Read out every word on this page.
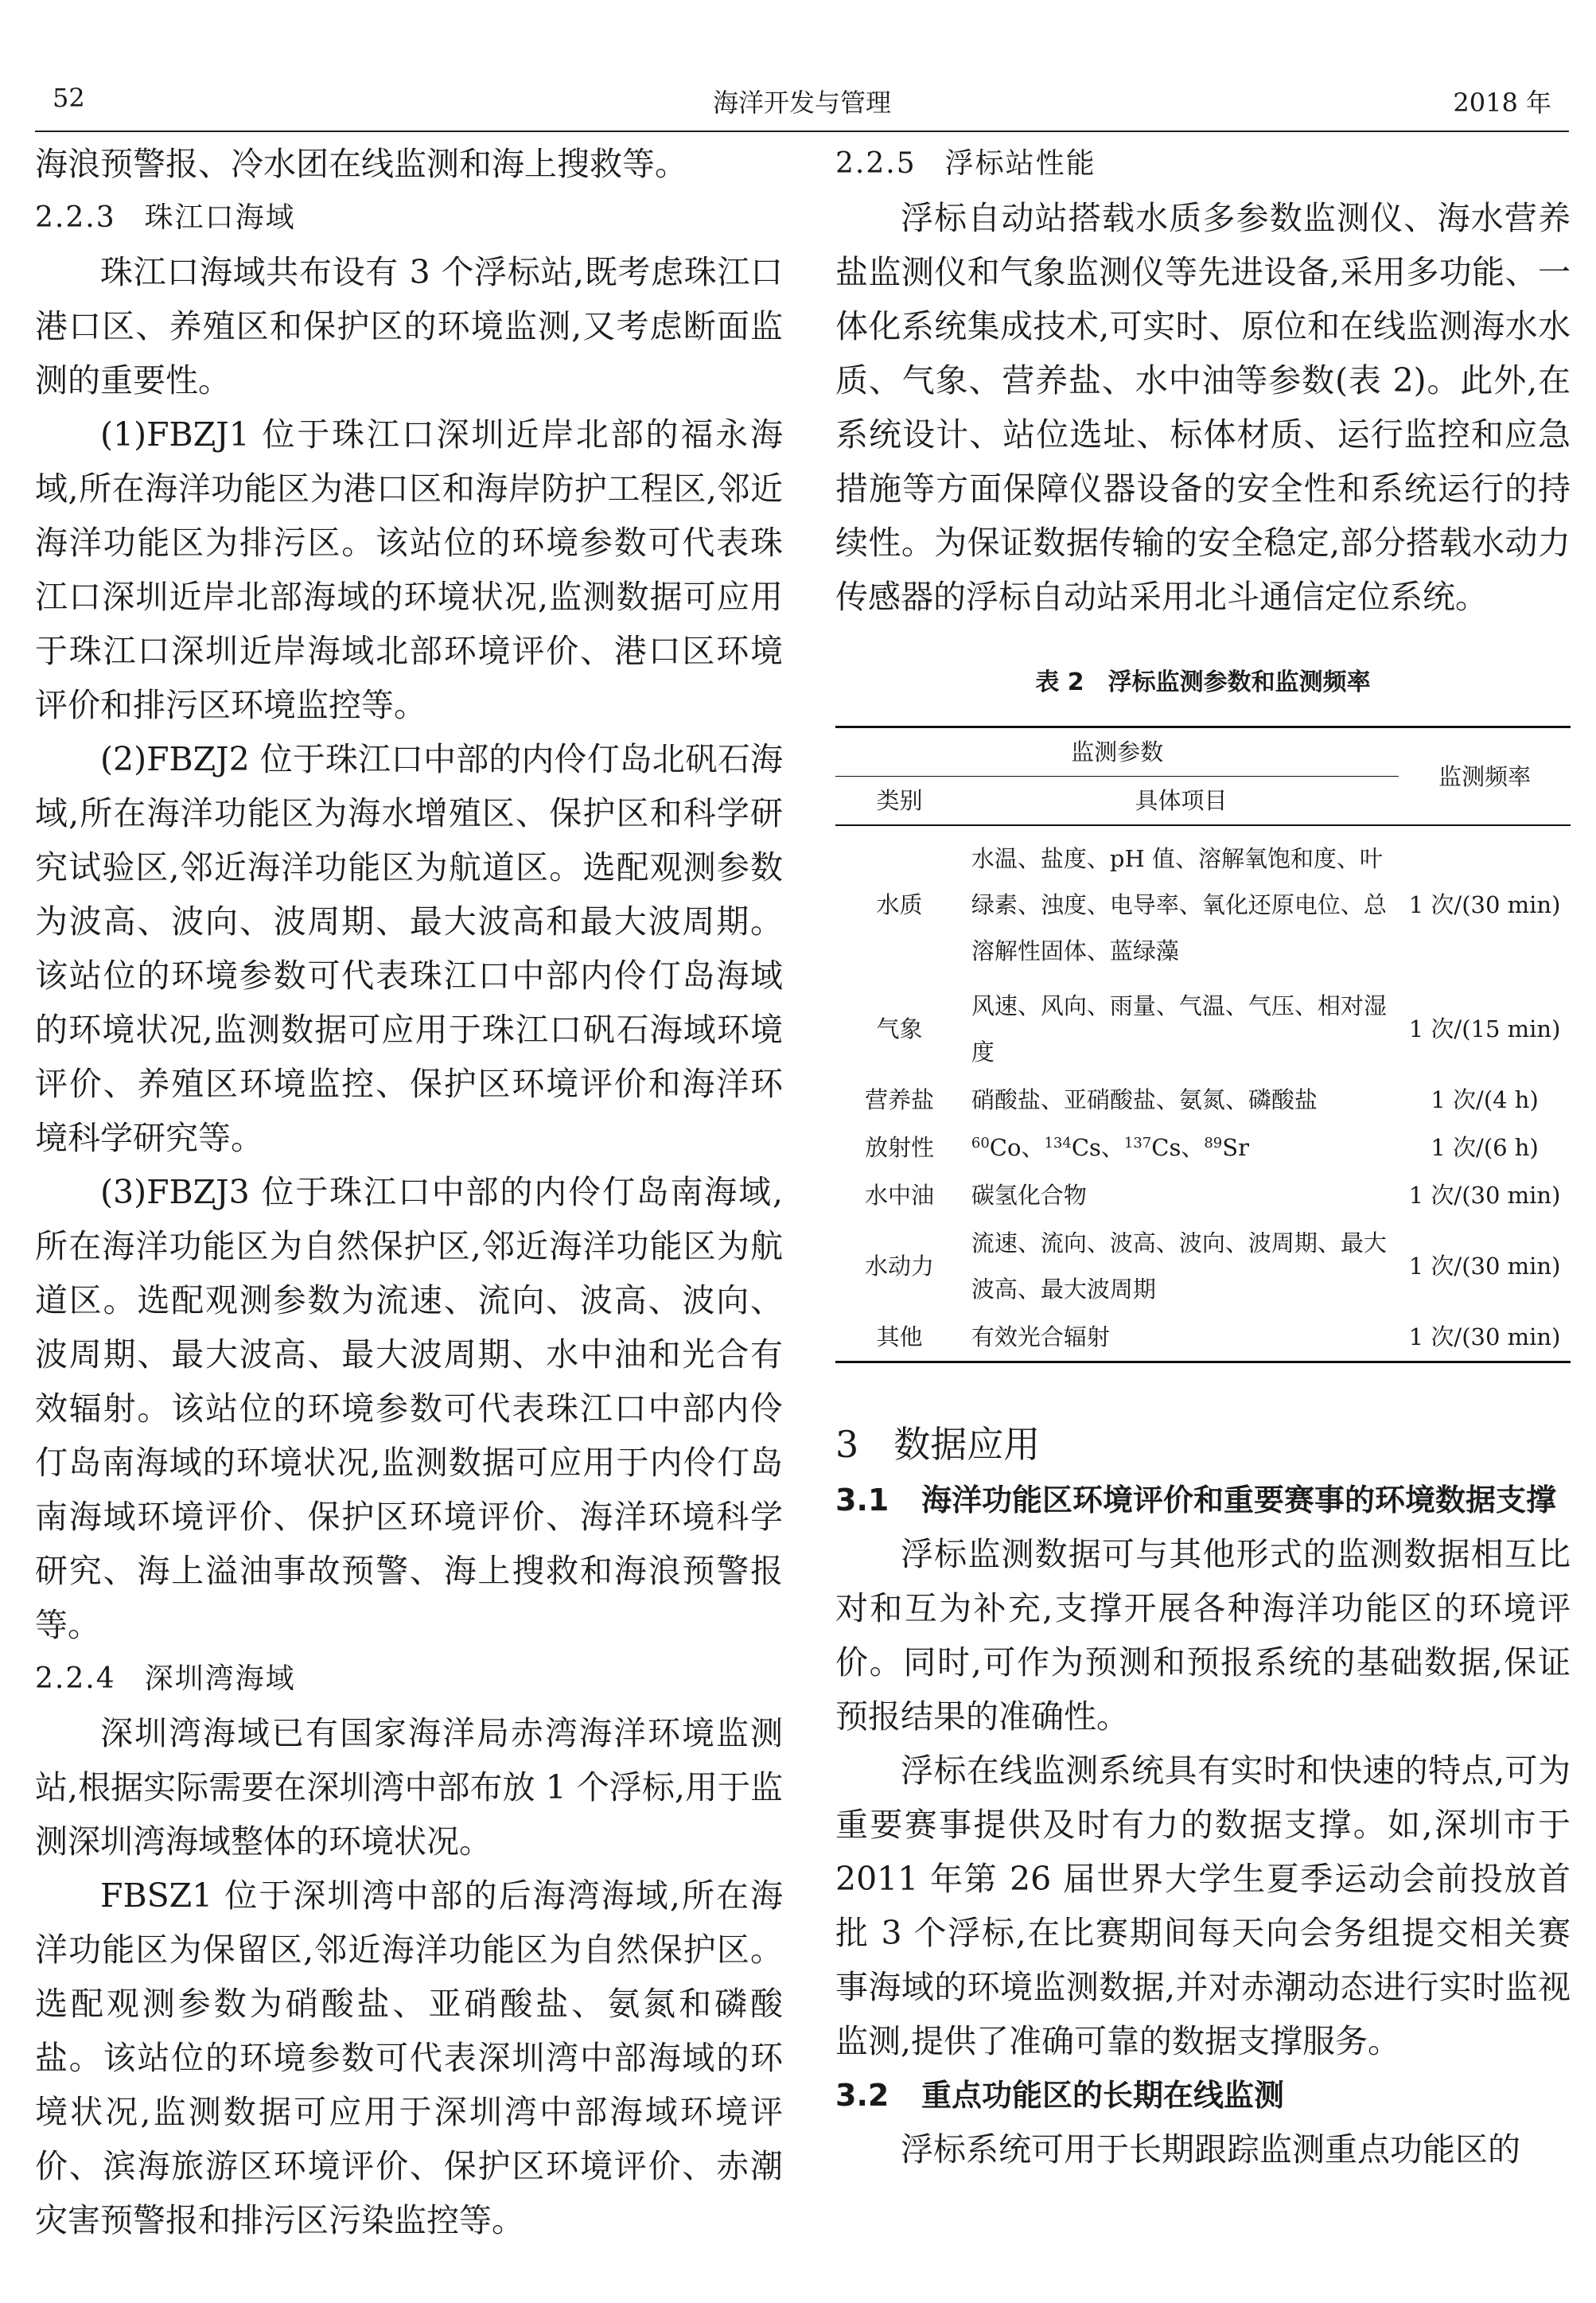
52	海洋开发与管理	2018 年

海浪预警报、冷水团在线监测和海上搜救等。

2.2.3 珠江口海域

珠江口海域共布设有 3 个浮标站,既考虑珠江口港口区、养殖区和保护区的环境监测,又考虑断面监测的重要性。

(1)FBZJ1 位于珠江口深圳近岸北部的福永海域,所在海洋功能区为港口区和海岸防护工程区,邻近海洋功能区为排污区。该站位的环境参数可代表珠江口深圳近岸北部海域的环境状况,监测数据可应用于珠江口深圳近岸海域北部环境评价、港口区环境评价和排污区环境监控等。

(2)FBZJ2 位于珠江口中部的内伶仃岛北矾石海域,所在海洋功能区为海水增殖区、保护区和科学研究试验区,邻近海洋功能区为航道区。选配观测参数为波高、波向、波周期、最大波高和最大波周期。该站位的环境参数可代表珠江口中部内伶仃岛海域的环境状况,监测数据可应用于珠江口矾石海域环境评价、养殖区环境监控、保护区环境评价和海洋环境科学研究等。

(3)FBZJ3 位于珠江口中部的内伶仃岛南海域,所在海洋功能区为自然保护区,邻近海洋功能区为航道区。选配观测参数为流速、流向、波高、波向、波周期、最大波高、最大波周期、水中油和光合有效辐射。该站位的环境参数可代表珠江口中部内伶仃岛南海域的环境状况,监测数据可应用于内伶仃岛南海域环境评价、保护区环境评价、海洋环境科学研究、海上溢油事故预警、海上搜救和海浪预警报等。

2.2.4 深圳湾海域

深圳湾海域已有国家海洋局赤湾海洋环境监测站,根据实际需要在深圳湾中部布放 1 个浮标,用于监测深圳湾海域整体的环境状况。

FBSZ1 位于深圳湾中部的后海湾海域,所在海洋功能区为保留区,邻近海洋功能区为自然保护区。选配观测参数为硝酸盐、亚硝酸盐、氨氮和磷酸盐。该站位的环境参数可代表深圳湾中部海域的环境状况,监测数据可应用于深圳湾中部海域环境评价、滨海旅游区环境评价、保护区环境评价、赤潮灾害预警报和排污区污染监控等。

2.2.5 浮标站性能

浮标自动站搭载水质多参数监测仪、海水营养盐监测仪和气象监测仪等先进设备,采用多功能、一体化系统集成技术,可实时、原位和在线监测海水水质、气象、营养盐、水中油等参数(表 2)。此外,在系统设计、站位选址、标体材质、运行监控和应急措施等方面保障仪器设备的安全性和系统运行的持续性。为保证数据传输的安全稳定,部分搭载水动力传感器的浮标自动站采用北斗通信定位系统。

表 2 浮标监测参数和监测频率
监测参数		监测频率
类别	具体项目	
水质	水温、盐度、pH 值、溶解氧饱和度、叶绿素、浊度、电导率、氧化还原电位、总溶解性固体、蓝绿藻	1 次/(30 min)
气象	风速、风向、雨量、气温、气压、相对湿度	1 次/(15 min)
营养盐	硝酸盐、亚硝酸盐、氨氮、磷酸盐	1 次/(4 h)
放射性	$^{60}$Co、$^{134}$Cs、$^{137}$Cs、$^{89}$Sr	1 次/(6 h)
水中油	碳氢化合物	1 次/(30 min)
水动力	流速、流向、波高、波向、波周期、最大波高、最大波周期	1 次/(30 min)
其他	有效光合辐射	1 次/(30 min)
3 数据应用
3.1	海洋功能区环境评价和重要赛事的环境数据支撑

浮标监测数据可与其他形式的监测数据相互比对和互为补充,支撑开展各种海洋功能区的环境评价。同时,可作为预测和预报系统的基础数据,保证预报结果的准确性。

浮标在线监测系统具有实时和快速的特点,可为重要赛事提供及时有力的数据支撑。如,深圳市于 2011 年第 26 届世界大学生夏季运动会前投放首批 3 个浮标,在比赛期间每天向会务组提交相关赛事海域的环境监测数据,并对赤潮动态进行实时监视监测,提供了准确可靠的数据支撑服务。

3.2	重点功能区的长期在线监测

浮标系统可用于长期跟踪监测重点功能区的
